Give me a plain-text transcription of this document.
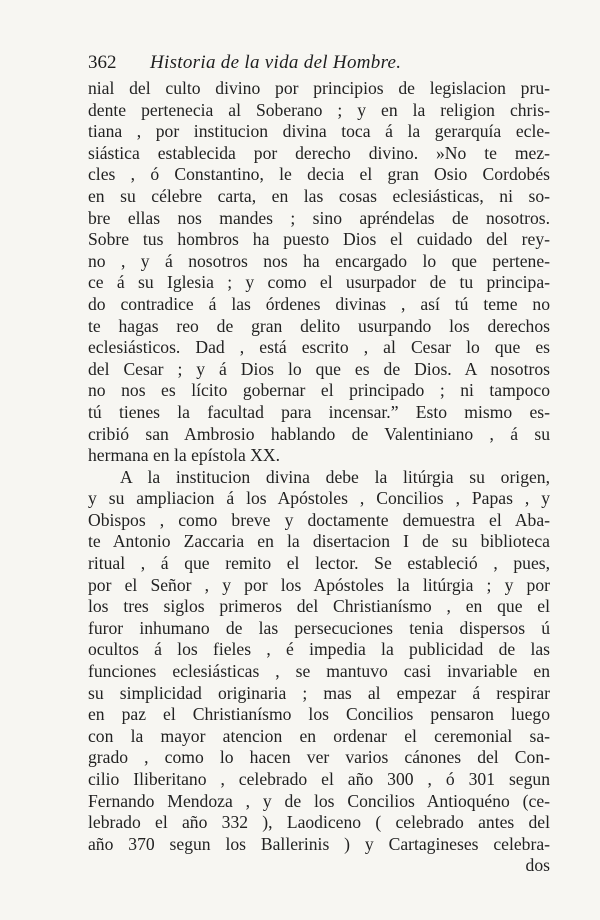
362	Historia de la vida del Hombre.
nial del culto divino por principios de legislacion pru-
dente pertenecia al Soberano ; y en la religion chris-
tiana , por institucion divina toca á la gerarquía ecle-
siástica establecida por derecho divino. »No te mez-
cles , ó Constantino, le decia el gran Osio Cordobés
en su célebre carta, en las cosas eclesiásticas, ni so-
bre ellas nos mandes ; sino apréndelas de nosotros.
Sobre tus hombros ha puesto Dios el cuidado del rey-
no , y á nosotros nos ha encargado lo que pertene-
ce á su Iglesia ; y como el usurpador de tu principa-
do contradice á las órdenes divinas , así tú teme no
te hagas reo de gran delito usurpando los derechos
eclesiásticos. Dad , está escrito , al Cesar lo que es
del Cesar ; y á Dios lo que es de Dios. A nosotros
no nos es lícito gobernar el principado ; ni tampoco
tú tienes la facultad para incensar.” Esto mismo es-
cribió san Ambrosio hablando de Valentiniano , á su
hermana en la epístola XX.
A la institucion divina debe la litúrgia su origen,
y su ampliacion á los Apóstoles , Concilios , Papas , y
Obispos , como breve y doctamente demuestra el Aba-
te Antonio Zaccaria en la disertacion I de su biblioteca
ritual , á que remito el lector. Se estableció , pues,
por el Señor , y por los Apóstoles la litúrgia ; y por
los tres siglos primeros del Christianísmo , en que el
furor inhumano de las persecuciones tenia dispersos ú
ocultos á los fieles , é impedia la publicidad de las
funciones eclesiásticas , se mantuvo casi invariable en
su simplicidad originaria ; mas al empezar á respirar
en paz el Christianísmo los Concilios pensaron luego
con la mayor atencion en ordenar el ceremonial sa-
grado , como lo hacen ver varios cánones del Con-
cilio Iliberitano , celebrado el año 300 , ó 301 segun
Fernando Mendoza , y de los Concilios Antioquéno (ce-
lebrado el año 332 ), Laodiceno ( celebrado antes del
año 370 segun los Ballerinis ) y Cartagineses celebra-
dos
